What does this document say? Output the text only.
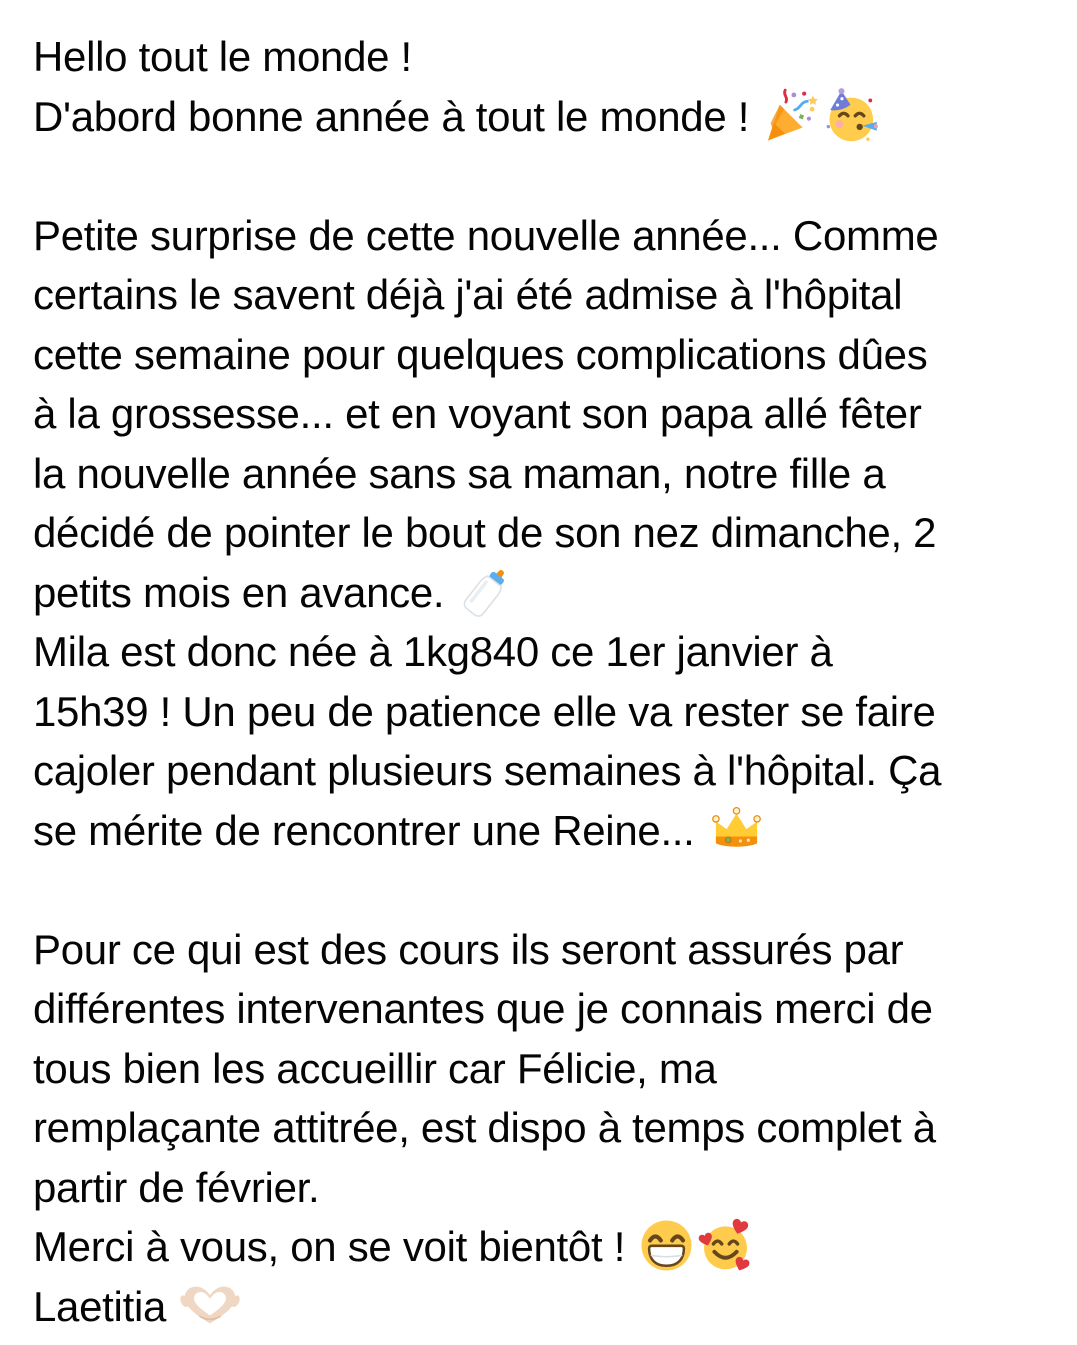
Hello tout le monde !
D'abord bonne année à tout le monde !

Petite surprise de cette nouvelle année... Comme
certains le savent déjà j'ai été admise à l'hôpital
cette semaine pour quelques complications dûes
à la grossesse... et en voyant son papa allé fêter
la nouvelle année sans sa maman, notre fille a
décidé de pointer le bout de son nez dimanche, 2
petits mois en avance.
Mila est donc née à 1kg840 ce 1er janvier à
15h39 ! Un peu de patience elle va rester se faire
cajoler pendant plusieurs semaines à l'hôpital. Ça
se mérite de rencontrer une Reine...

Pour ce qui est des cours ils seront assurés par
différentes intervenantes que je connais merci de
tous bien les accueillir car Félicie, ma
remplaçante attitrée, est dispo à temps complet à
partir de février.
Merci à vous, on se voit bientôt !
Laetitia
